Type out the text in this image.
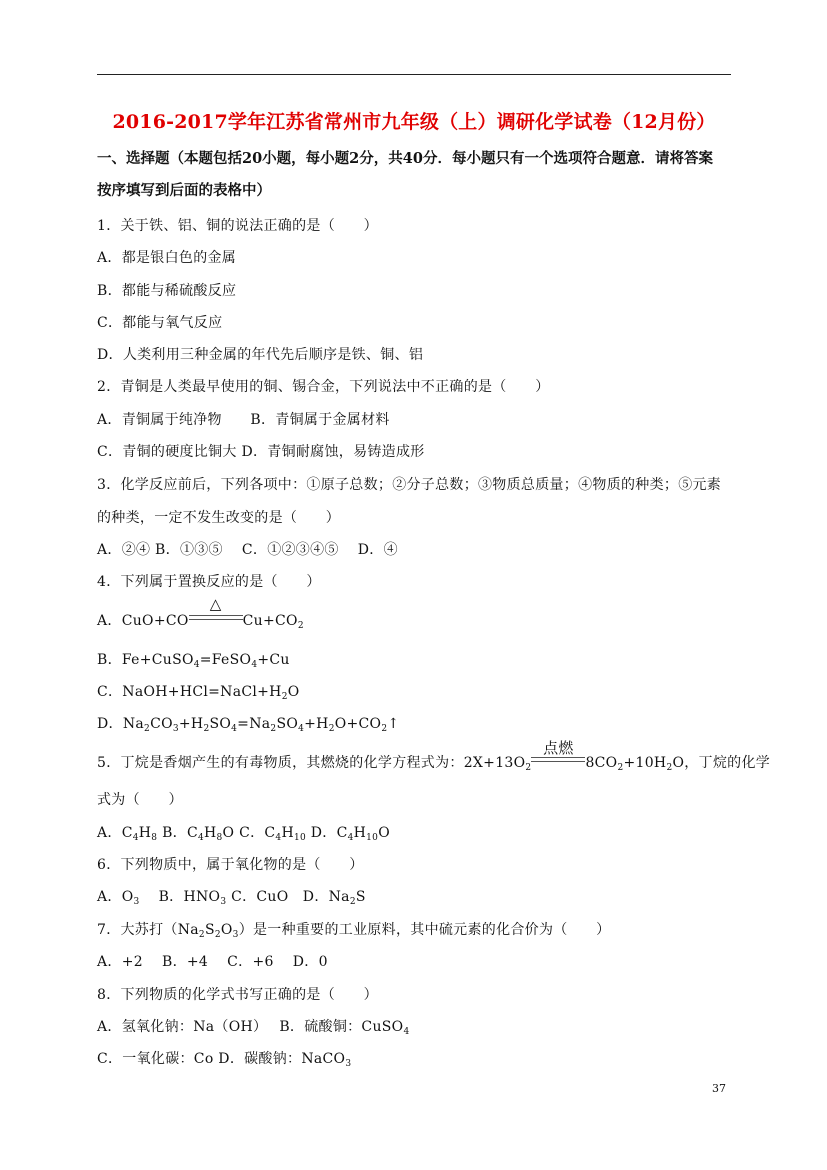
2016-2017学年江苏省常州市九年级（上）调研化学试卷（12月份）
一、选择题（本题包括20小题，每小题2分，共40分．每小题只有一个选项符合题意．请将答案
按序填写到后面的表格中）
1．关于铁、铝、铜的说法正确的是（　　）
A．都是银白色的金属
B．都能与稀硫酸反应
C．都能与氧气反应
D．人类利用三种金属的年代先后顺序是铁、铜、铝
2．青铜是人类最早使用的铜、锡合金，下列说法中不正确的是（　　）
A．青铜属于纯净物　　B．青铜属于金属材料
C．青铜的硬度比铜大 D．青铜耐腐蚀，易铸造成形
3．化学反应前后，下列各项中：①原子总数；②分子总数；③物质总质量；④物质的种类；⑤元素
的种类，一定不发生改变的是（　　）
A．②④ B．①③⑤　 C．①②③④⑤　 D．④
4．下列属于置换反应的是（　　）
A．CuO+CO
△
$Cu+CO_2$
B．Fe+CuSO$_4$=FeSO$_4$+Cu
C．$NaOH+HCl=NaCl+H_2O$
D．$Na_2CO_3+H_2SO_4=Na_2SO_4+H_2O+CO_2↑$
5．丁烷是香烟产生的有毒物质，其燃烧的化学方程式为：$2X+13O_2$
点燃
$8CO_2+10H_2O$，丁烷的化学
式为（　　）
A．$C_4H_8$ B．$C_4H_8O$ C．$C_4H_{10}$ D．$C_4H_{10}O$
6．下列物质中，属于氧化物的是（　　）
A．$O_3$　 B．$HNO_3$ C．CuO　D．$Na_2S$
7．大苏打$(Na_2S_2O_3)$是一种重要的工业原料，其中硫元素的化合价为（　　）
A．+2　 B．+4　 C．+6　 D．0
8．下列物质的化学式书写正确的是（　　）
A．氢氧化钠：Na（OH）　 B．硫酸铜：CuSO$_4$
C．一氧化碳：Co D．碳酸钠：NaCO$_3$
37
